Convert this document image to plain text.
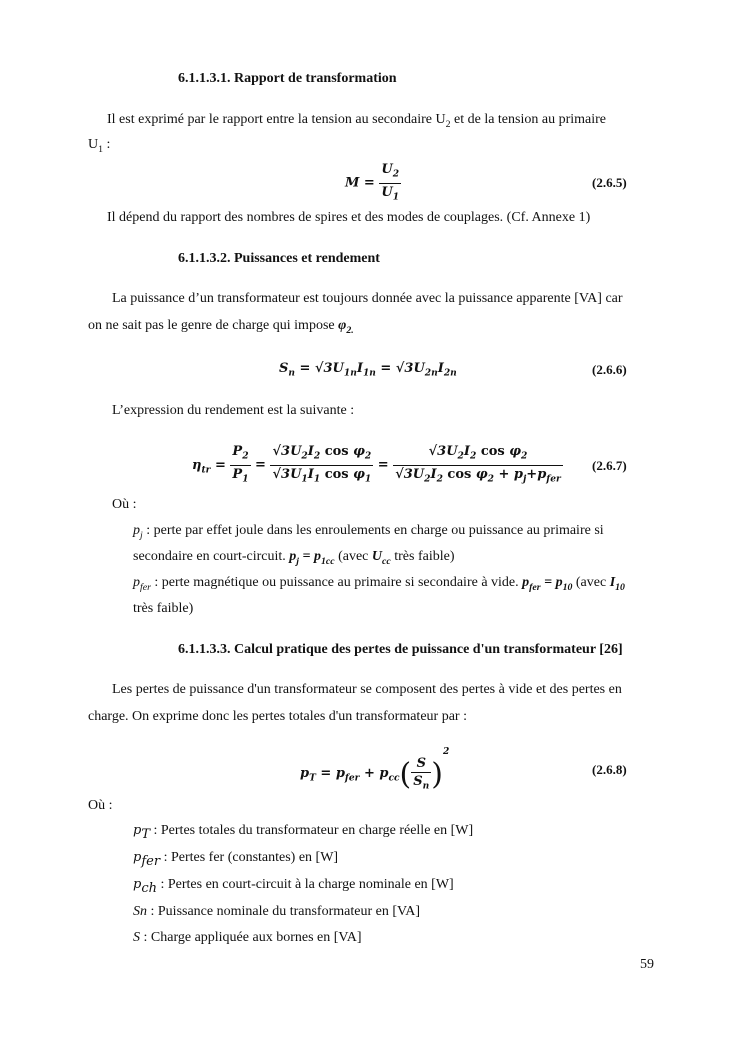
6.1.1.3.1. Rapport de transformation
Il est exprimé par le rapport entre la tension au secondaire $U_2$ et de la tension au primaire
$U_1$ :
$M = \frac{U_2}{U_1}$	(2.6.5)
Il dépend du rapport des nombres de spires et des modes de couplages. (Cf. Annexe 1)
6.1.1.3.2. Puissances et rendement
La puissance d’un transformateur est toujours donnée avec la puissance apparente [VA] car
on ne sait pas le genre de charge qui impose $\varphi_{2.}$
$S_n = √3U_{1n}I_{1n} = √3U_{2n}I_{2n}$	(2.6.6)
L’expression du rendement est la suivante :
$\eta_{tr} = \frac{P_2}{P_1} = \frac{√3U_2I_2 \cos \varphi_2}{√3U_1I_1 \cos \varphi_1} = \frac{√3U_2I_2 \cos \varphi_2}{√3U_2I_2 \cos \varphi_2 + p_j+p_{fer}} (2.6.7)$
Où :
$p_j$ : perte par effet joule dans les enroulements en charge ou puissance au primaire si
secondaire en court-circuit. $p_j = p_{1cc}$ (avec $U_{cc}$ très faible)
$p_{fer}$ : perte magnétique ou puissance au primaire si secondaire à vide. $p_{fer} = p_{10}$ (avec $I_{10}$
très faible)
6.1.1.3.3. Calcul pratique des pertes de puissance d'un transformateur [26]
Les pertes de puissance d'un transformateur se composent des pertes à vide et des pertes en
charge. On exprime donc les pertes totales d'un transformateur par :
$p_T = p_{fer} + p_{cc}( \frac{S}{S_n} )^2$
(2.6.8)
Où :
$p_T$ : Pertes totales du transformateur en charge réelle en [W]
$p_{fer}$ : Pertes fer (constantes) en [W]
$p_{ch}$ : Pertes en court-circuit à la charge nominale en [W]
Sn : Puissance nominale du transformateur en [VA]
S : Charge appliquée aux bornes en [VA]
59
